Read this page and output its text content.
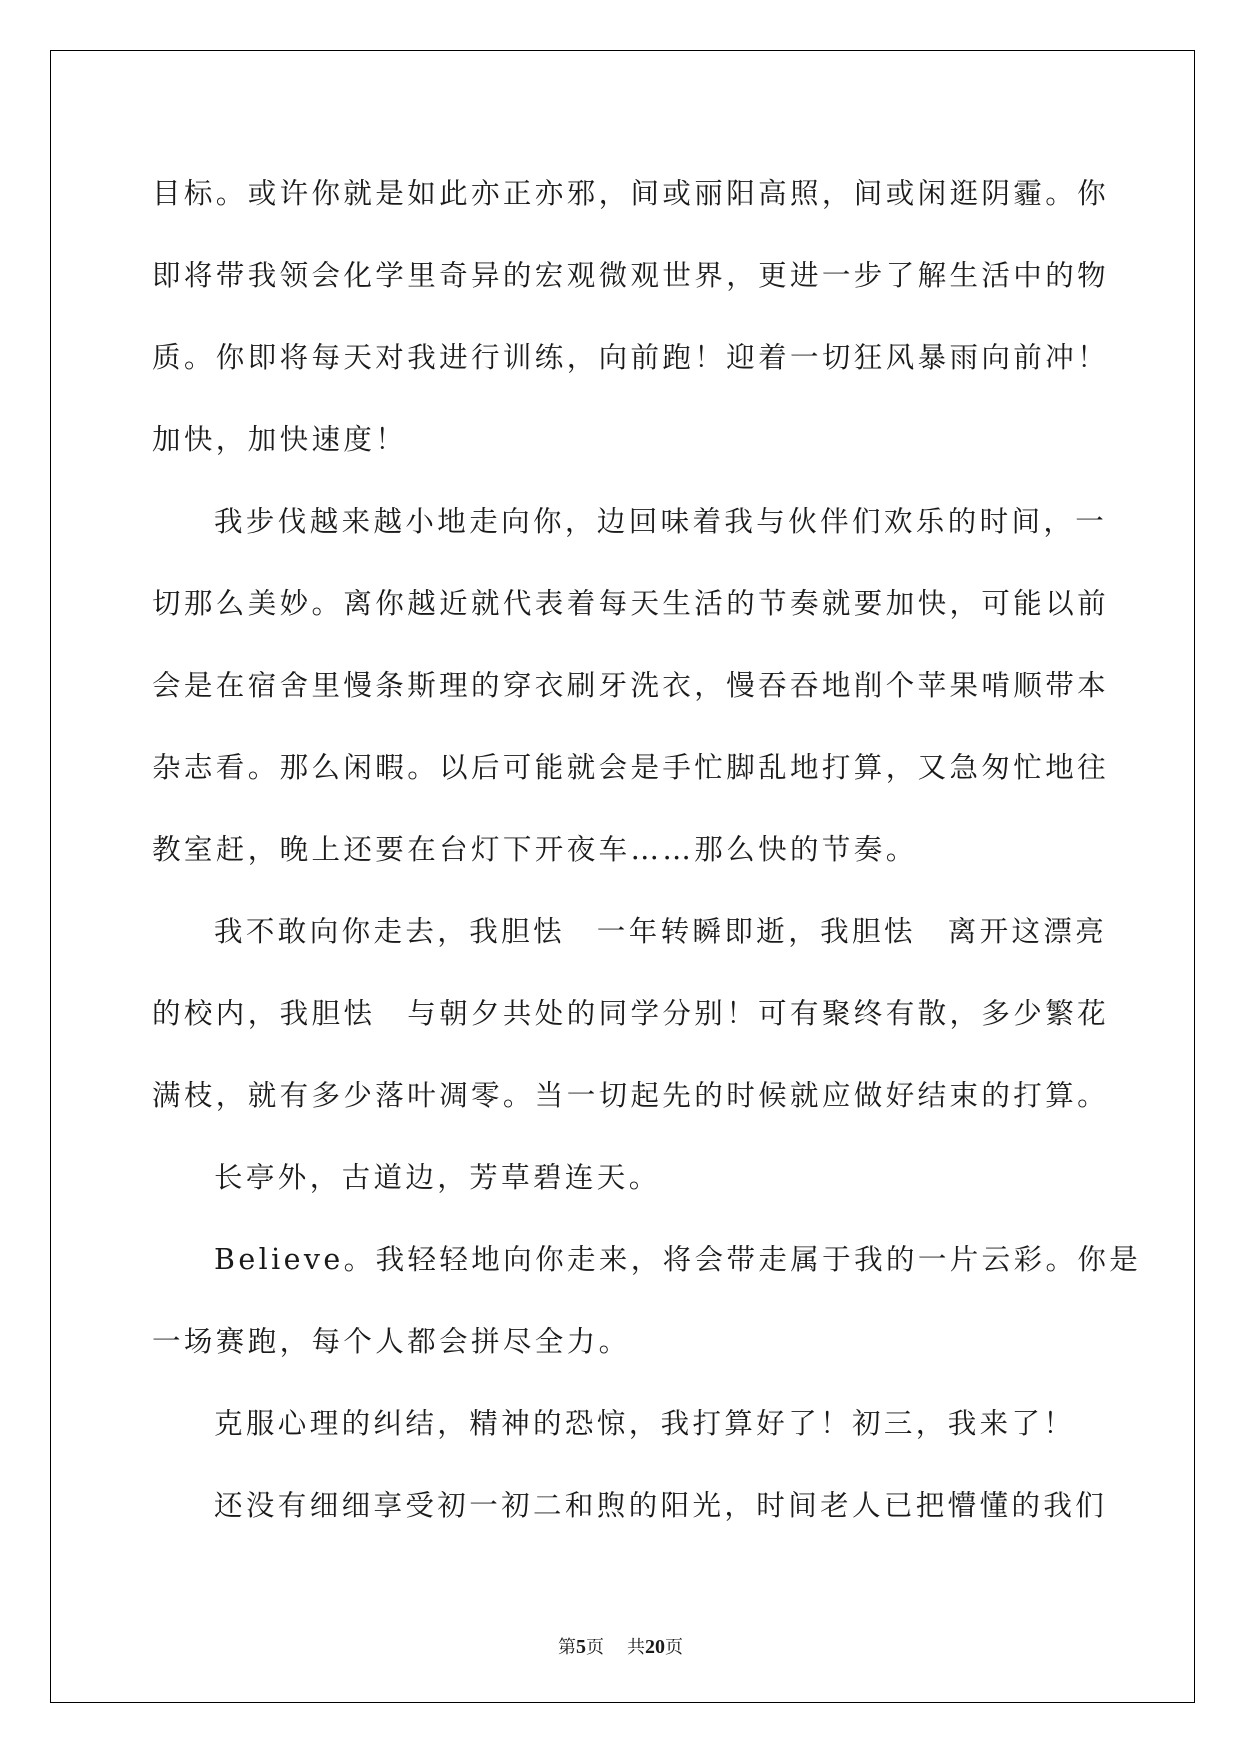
目标。或许你就是如此亦正亦邪，间或丽阳高照，间或闲逛阴霾。你
即将带我领会化学里奇异的宏观微观世界，更进一步了解生活中的物
质。你即将每天对我进行训练，向前跑！迎着一切狂风暴雨向前冲！
加快，加快速度！
我步伐越来越小地走向你，边回味着我与伙伴们欢乐的时间，一
切那么美妙。离你越近就代表着每天生活的节奏就要加快，可能以前
会是在宿舍里慢条斯理的穿衣刷牙洗衣，慢吞吞地削个苹果啃顺带本
杂志看。那么闲暇。以后可能就会是手忙脚乱地打算，又急匆忙地往
教室赶，晚上还要在台灯下开夜车……那么快的节奏。
我不敢向你走去，我胆怯　一年转瞬即逝，我胆怯　离开这漂亮
的校内，我胆怯　与朝夕共处的同学分别！可有聚终有散，多少繁花
满枝，就有多少落叶凋零。当一切起先的时候就应做好结束的打算。
长亭外，古道边，芳草碧连天。
Believe。我轻轻地向你走来，将会带走属于我的一片云彩。你是
一场赛跑，每个人都会拼尽全力。
克服心理的纠结，精神的恐惊，我打算好了！初三，我来了！
还没有细细享受初一初二和煦的阳光，时间老人已把懵懂的我们
第5页 共20页
